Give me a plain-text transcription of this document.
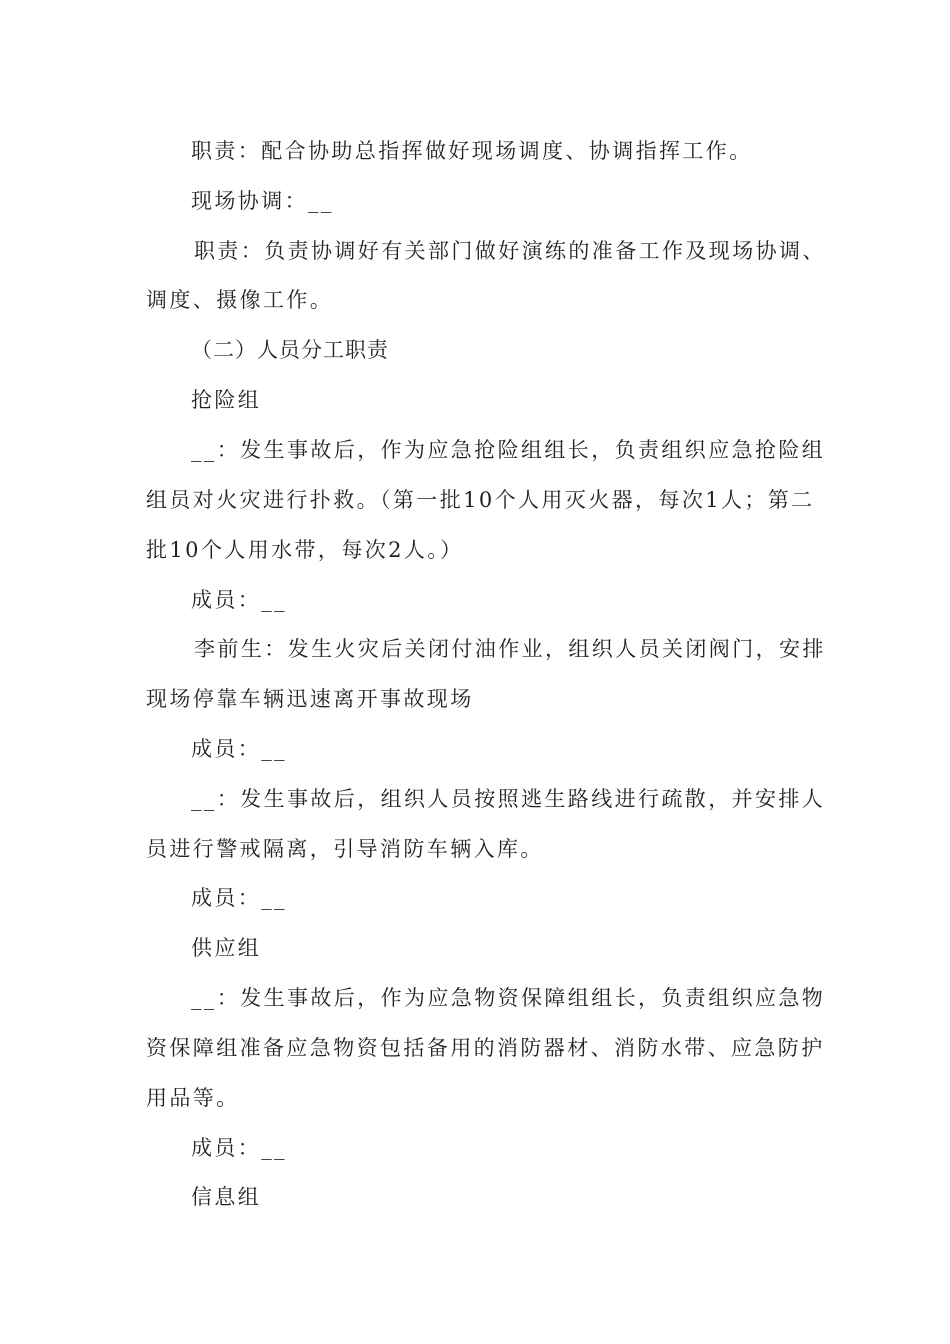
职责：配合协助总指挥做好现场调度、协调指挥工作。
现场协调：__
职责：负责协调好有关部门做好演练的准备工作及现场协调、
调度、摄像工作。
（二）人员分工职责
抢险组
__：发生事故后，作为应急抢险组组长，负责组织应急抢险组
组员对火灾进行扑救。（第一批10个人用灭火器，每次1人；第二
批10个人用水带，每次2人。）
成员：__
李前生：发生火灾后关闭付油作业，组织人员关闭阀门，安排
现场停靠车辆迅速离开事故现场
成员：__
__：发生事故后，组织人员按照逃生路线进行疏散，并安排人
员进行警戒隔离，引导消防车辆入库。
成员：__
供应组
__：发生事故后，作为应急物资保障组组长，负责组织应急物
资保障组准备应急物资包括备用的消防器材、消防水带、应急防护
用品等。
成员：__
信息组
